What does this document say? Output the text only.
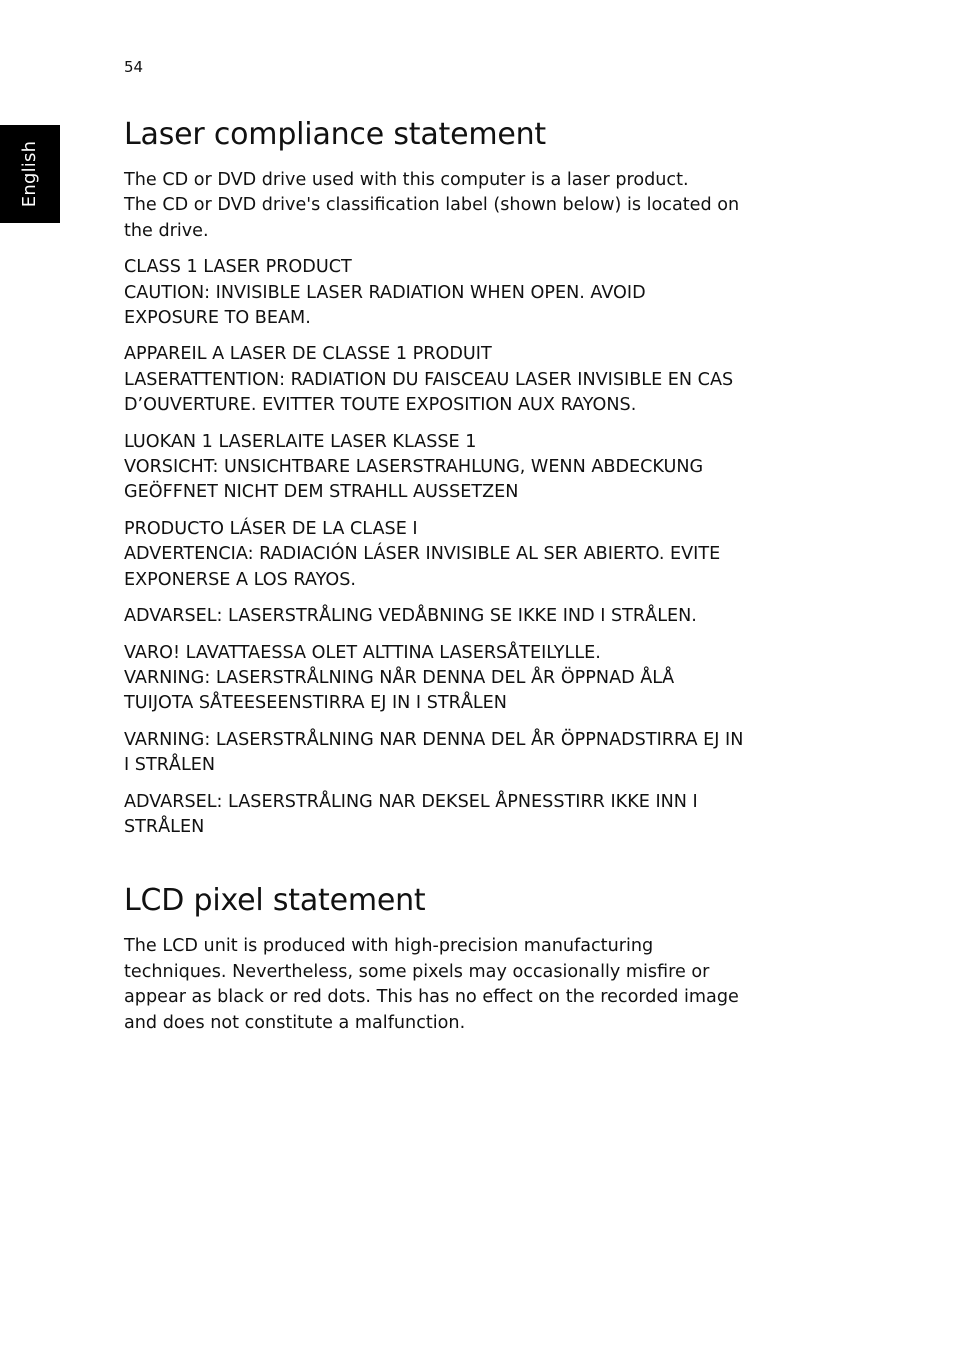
54
English
Laser compliance statement

The CD or DVD drive used with this computer is a laser product.
The CD or DVD drive's classification label (shown below) is located on
the drive.

CLASS 1 LASER PRODUCT
CAUTION: INVISIBLE LASER RADIATION WHEN OPEN. AVOID
EXPOSURE TO BEAM.

APPAREIL A LASER DE CLASSE 1 PRODUIT
LASERATTENTION: RADIATION DU FAISCEAU LASER INVISIBLE EN CAS
D’OUVERTURE. EVITTER TOUTE EXPOSITION AUX RAYONS.

LUOKAN 1 LASERLAITE LASER KLASSE 1
VORSICHT: UNSICHTBARE LASERSTRAHLUNG, WENN ABDECKUNG
GEÖFFNET NICHT DEM STRAHLL AUSSETZEN

PRODUCTO LÁSER DE LA CLASE I
ADVERTENCIA: RADIACIÓN LÁSER INVISIBLE AL SER ABIERTO. EVITE
EXPONERSE A LOS RAYOS.

ADVARSEL: LASERSTRÅLING VEDÅBNING SE IKKE IND I STRÅLEN.

VARO! LAVATTAESSA OLET ALTTINA LASERSÅTEILYLLE.
VARNING: LASERSTRÅLNING NÅR DENNA DEL ÅR ÖPPNAD ÅLÅ
TUIJOTA SÅTEESEENSTIRRA EJ IN I STRÅLEN

VARNING: LASERSTRÅLNING NAR DENNA DEL ÅR ÖPPNADSTIRRA EJ IN
I STRÅLEN

ADVARSEL: LASERSTRÅLING NAR DEKSEL ÅPNESSTIRR IKKE INN I
STRÅLEN

LCD pixel statement

The LCD unit is produced with high-precision manufacturing
techniques. Nevertheless, some pixels may occasionally misfire or
appear as black or red dots. This has no effect on the recorded image
and does not constitute a malfunction.
